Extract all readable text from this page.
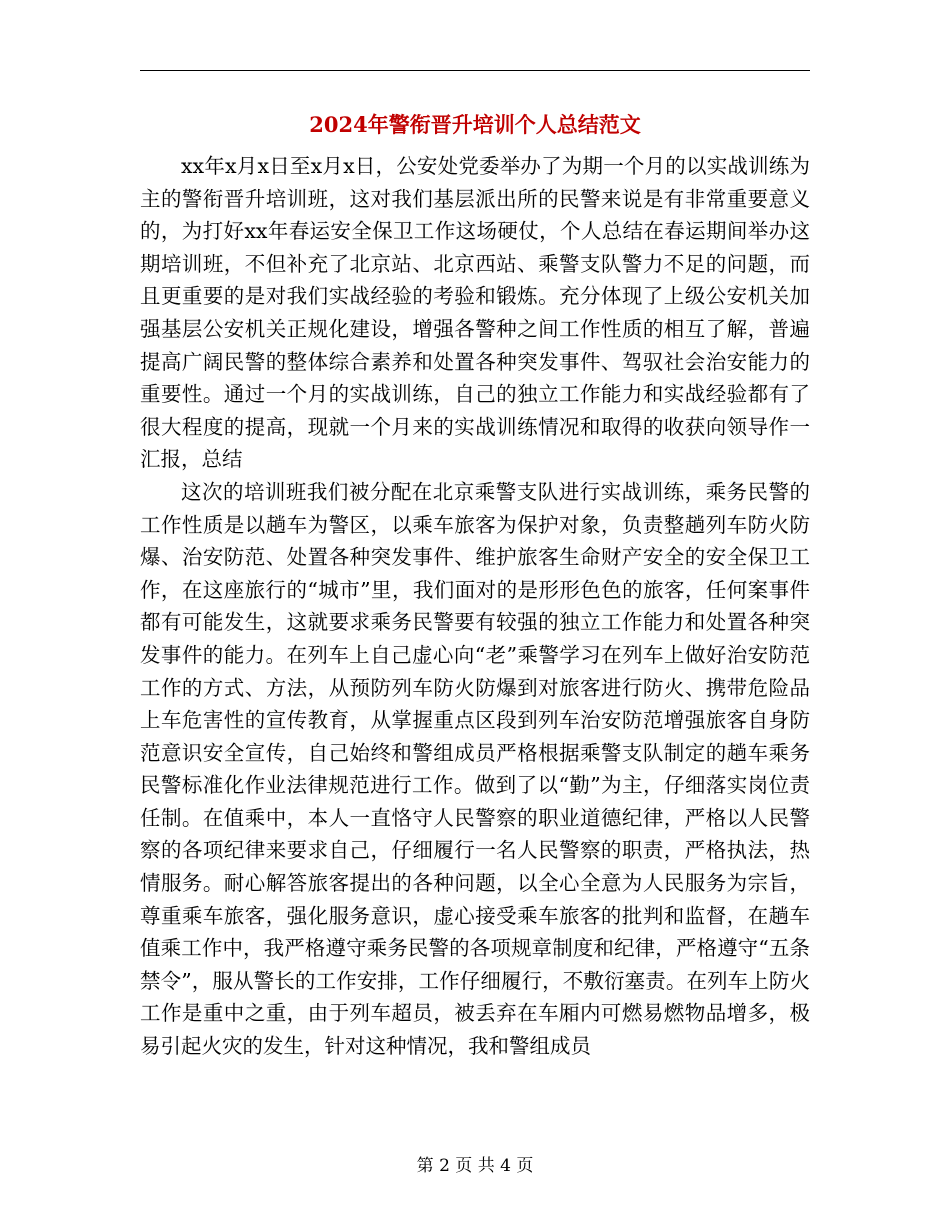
2024年警衔晋升培训个人总结范文

xx年x月x日至x月x日，公安处党委举办了为期一个月的以实战训练为主的警衔晋升培训班，这对我们基层派出所的民警来说是有非常重要意义的，为打好xx年春运安全保卫工作这场硬仗，个人总结在春运期间举办这期培训班，不但补充了北京站、北京西站、乘警支队警力不足的问题，而且更重要的是对我们实战经验的考验和锻炼。充分体现了上级公安机关加强基层公安机关正规化建设，增强各警种之间工作性质的相互了解，普遍提高广阔民警的整体综合素养和处置各种突发事件、驾驭社会治安能力的重要性。通过一个月的实战训练，自己的独立工作能力和实战经验都有了很大程度的提高，现就一个月来的实战训练情况和取得的收获向领导作一汇报，总结

这次的培训班我们被分配在北京乘警支队进行实战训练，乘务民警的工作性质是以趟车为警区，以乘车旅客为保护对象，负责整趟列车防火防爆、治安防范、处置各种突发事件、维护旅客生命财产安全的安全保卫工作，在这座旅行的“城市”里，我们面对的是形形色色的旅客，任何案事件都有可能发生，这就要求乘务民警要有较强的独立工作能力和处置各种突发事件的能力。在列车上自己虚心向“老”乘警学习在列车上做好治安防范工作的方式、方法，从预防列车防火防爆到对旅客进行防火、携带危险品上车危害性的宣传教育，从掌握重点区段到列车治安防范增强旅客自身防范意识安全宣传，自己始终和警组成员严格根据乘警支队制定的趟车乘务民警标准化作业法律规范进行工作。做到了以“勤”为主，仔细落实岗位责任制。在值乘中，本人一直恪守人民警察的职业道德纪律，严格以人民警察的各项纪律来要求自己，仔细履行一名人民警察的职责，严格执法，热情服务。耐心解答旅客提出的各种问题，以全心全意为人民服务为宗旨，尊重乘车旅客，强化服务意识，虚心接受乘车旅客的批判和监督，在趟车值乘工作中，我严格遵守乘务民警的各项规章制度和纪律，严格遵守“五条禁令”，服从警长的工作安排，工作仔细履行，不敷衍塞责。在列车上防火工作是重中之重，由于列车超员，被丢弃在车厢内可燃易燃物品增多，极易引起火灾的发生，针对这种情况，我和警组成员

第 2 页 共 4 页
